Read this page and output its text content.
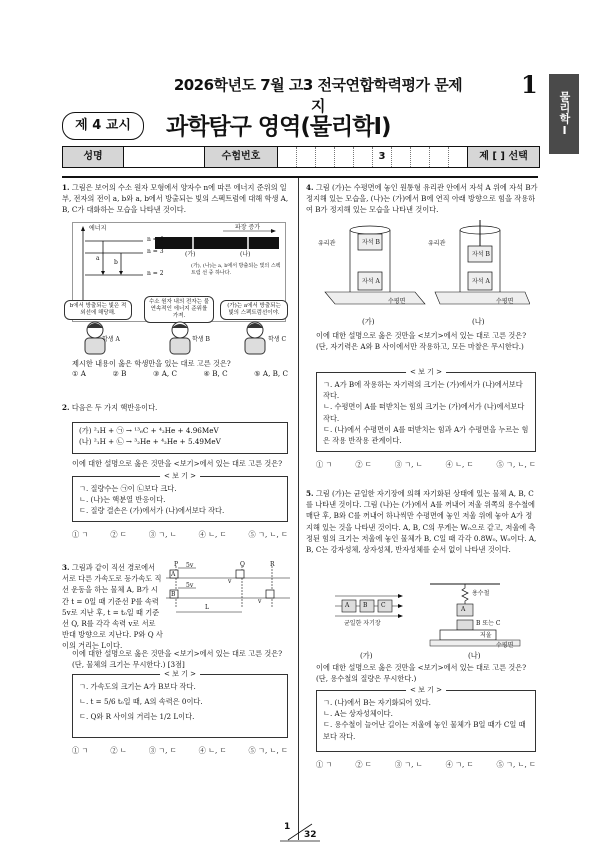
2026학년도 7월 고3 전국연합학력평가 문제지
1
물리학Ⅰ
제 4 교시	과학탐구 영역(물리학Ⅰ)
성명	수험번호	3	제 [ ] 선택
1. 그림은 보어의 수소 원자 모형에서 양자수 n에 따른 에너지 준위의 일부, 전자의 전이 a, b와 a, b에서 방출되는 빛의 스펙트럼에 대해 학생 A, B, C가 대화하는 모습을 나타낸 것이다.
에너지
n = 4
n = 3
n = 2
a
b
파장 증가
(가)	(나)
(가), (나)는 a, b에서 방출되는 빛의 스펙트럼 선 중 하나다.
b에서 방출되는 빛은 적외선에 해당해.
수소 원자 내의 전자는 불연속적인 에너지 준위를 가져.
(가)는 a에서 방출되는 빛의 스펙트럼선이야.
학생 A	학생 B	학생 C
제시한 내용이 옳은 학생만을 있는 대로 고른 것은?
① A	② B	③ A, C	④ B, C	⑤ A, B, C
2. 다음은 두 가지 핵반응이다.
(가) ²₁H + ㉠ → ¹³₆C + ⁴₂He + 4.96MeV
(나) ²₁H + ㉡ → ³₂He + ⁴₂He + 5.49MeV
이에 대한 설명으로 옳은 것만을 <보기>에서 있는 대로 고른 것은?
< 보 기 >
ㄱ. 질량수는 ㉠이 ㉡보다 크다.
ㄴ. (나)는 핵분열 반응이다.
ㄷ. 질량 결손은 (가)에서가 (나)에서보다 작다.
① ㄱ	② ㄷ	③ ㄱ, ㄴ	④ ㄴ, ㄷ	⑤ ㄱ, ㄴ, ㄷ
3. 그림과 같이 직선 경로에서 서로 다른 가속도로 등가속도 직선 운동을 하는 물체 A, B가 시간 t = 0일 때 기준선 P를 속력 5v로 지난 후, t = t₀일 때 기준선 Q, R를 각각 속력 v로 서로 반대 방향으로 지난다. P와 Q 사이의 거리는 L이다.
P	Q	R
A
B
5v
5v
v
v
L
이에 대한 설명으로 옳은 것만을 <보기>에서 있는 대로 고른 것은? (단, 물체의 크기는 무시한다.) [3점]
< 보 기 >
ㄱ. 가속도의 크기는 A가 B보다 작다.
ㄴ. t = 5/6 t₀일 때, A의 속력은 0이다.
ㄷ. Q와 R 사이의 거리는 1/2 L이다.
① ㄱ	② ㄴ	③ ㄱ, ㄷ	④ ㄴ, ㄷ	⑤ ㄱ, ㄴ, ㄷ
4. 그림 (가)는 수평면에 놓인 원통형 유리관 안에서 자석 A 위에 자석 B가 정지해 있는 모습을, (나)는 (가)에서 B에 연직 아래 방향으로 힘을 작용하여 B가 정지해 있는 모습을 나타낸 것이다.
유리관	자석 B
자석 A
수평면
유리관
자석 B
자석 A
수평면
(가)	(나)
이에 대한 설명으로 옳은 것만을 <보기>에서 있는 대로 고른 것은? (단, 자기력은 A와 B 사이에서만 작용하고, 모든 마찰은 무시한다.)
< 보 기 >
ㄱ. A가 B에 작용하는 자기력의 크기는 (가)에서가 (나)에서보다 작다.
ㄴ. 수평면이 A를 떠받치는 힘의 크기는 (가)에서가 (나)에서보다 작다.
ㄷ. (나)에서 수평면이 A를 떠받치는 힘과 A가 수평면을 누르는 힘은 작용 반작용 관계이다.
① ㄱ	② ㄷ	③ ㄱ, ㄴ	④ ㄴ, ㄷ	⑤ ㄱ, ㄴ, ㄷ
5. 그림 (가)는 균일한 자기장에 의해 자기화된 상태에 있는 물체 A, B, C를 나타낸 것이다. 그림 (나)는 (가)에서 A를 꺼내어 저울 위쪽의 용수철에 매단 후, B와 C를 꺼내어 하나씩만 수평면에 놓인 저울 위에 놓아 A가 정지해 있는 것을 나타낸 것이다. A, B, C의 무게는 W₀으로 같고, 저울에 측정된 힘의 크기는 저울에 놓인 물체가 B, C일 때 각각 0.8W₀, W₀이다. A, B, C는 강자성체, 상자성체, 반자성체를 순서 없이 나타낸 것이다.
A B C
균일한 자기장
용수철
A
B 또는 C
저울
수평면
(가)	(나)
이에 대한 설명으로 옳은 것만을 <보기>에서 있는 대로 고른 것은? (단, 용수철의 질량은 무시한다.)
< 보 기 >
ㄱ. (나)에서 B는 자기화되어 있다.
ㄴ. A는 상자성체이다.
ㄷ. 용수철이 늘어난 길이는 저울에 놓인 물체가 B일 때가 C일 때보다 작다.
① ㄱ	② ㄷ	③ ㄱ, ㄴ	④ ㄱ, ㄷ	⑤ ㄱ, ㄴ, ㄷ
1
32
